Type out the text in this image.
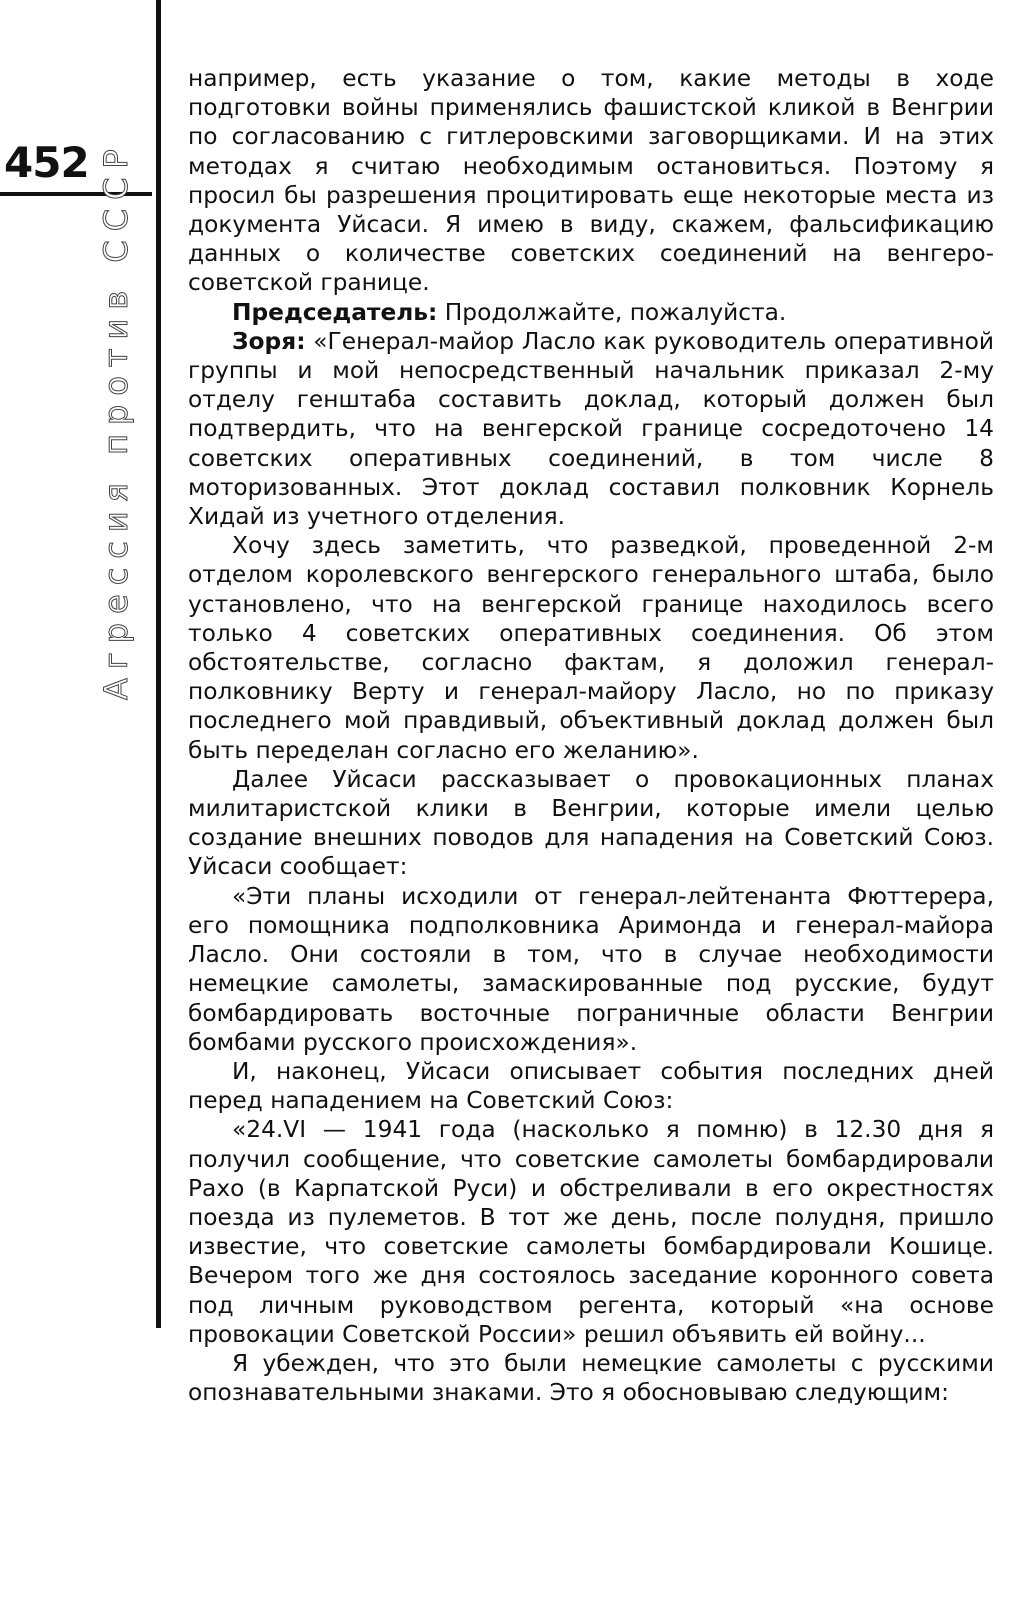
452 Агрессия против СССР

например, есть указание о том, какие методы в ходе подготовки войны применялись фашистской кликой в Венгрии по согласованию с гитлеровскими заговорщиками. И на этих методах я считаю необходимым остановиться. Поэтому я просил бы разрешения процитировать еще некоторые места из документа Уйсаси. Я имею в виду, скажем, фальсификацию данных о количестве советских соединений на венгеро-советской границе.

Председатель: Продолжайте, пожалуйста.

Зоря: «Генерал-майор Ласло как руководитель оперативной группы и мой непосредственный начальник приказал 2-му отделу генштаба составить доклад, который должен был подтвердить, что на венгерской границе сосредоточено 14 советских оперативных соединений, в том числе 8 моторизованных. Этот доклад составил полковник Корнель Хидай из учетного отделения.

Хочу здесь заметить, что разведкой, проведенной 2-м отделом королевского венгерского генерального штаба, было установлено, что на венгерской границе находилось всего только 4 советских оперативных соединения. Об этом обстоятельстве, согласно фактам, я доложил генерал-полковнику Верту и генерал-майору Ласло, но по приказу последнего мой правдивый, объективный доклад должен был быть переделан согласно его желанию».

Далее Уйсаси рассказывает о провокационных планах милитаристской клики в Венгрии, которые имели целью создание внешних поводов для нападения на Советский Союз. Уйсаси сообщает:

«Эти планы исходили от генерал-лейтенанта Фюттерера, его помощника подполковника Аримонда и генерал-майора Ласло. Они состояли в том, что в случае необходимости немецкие самолеты, замаскированные под русские, будут бомбардировать восточные пограничные области Венгрии бомбами русского происхождения».

И, наконец, Уйсаси описывает события последних дней перед нападением на Советский Союз:

«24.VI — 1941 года (насколько я помню) в 12.30 дня я получил сообщение, что советские самолеты бомбардировали Рахо (в Карпатской Руси) и обстреливали в его окрестностях поезда из пулеметов. В тот же день, после полудня, пришло известие, что советские самолеты бомбардировали Кошице. Вечером того же дня состоялось заседание коронного совета под личным руководством регента, который «на основе провокации Советской России» решил объявить ей войну...

Я убежден, что это были немецкие самолеты с русскими опознавательными знаками. Это я обосновываю следующим:
